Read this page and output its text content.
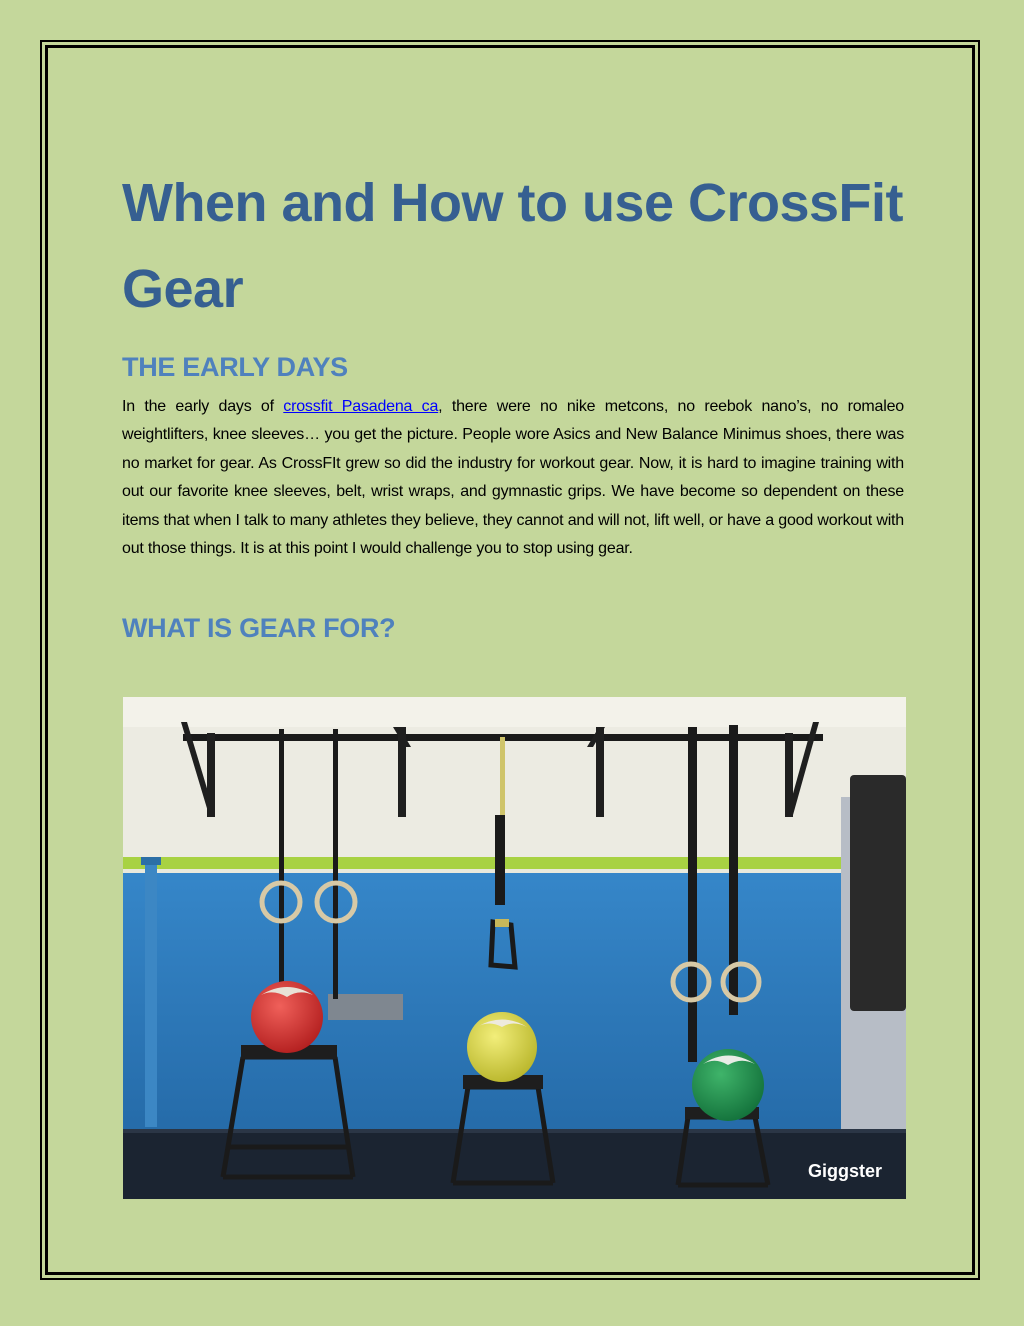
When and How to use CrossFit Gear
THE EARLY DAYS

In the early days of crossfit Pasadena ca, there were no nike metcons, no reebok nano’s, no romaleo weightlifters, knee sleeves… you get the picture. People wore Asics and New Balance Minimus shoes, there was no market for gear. As CrossFIt grew so did the industry for workout gear. Now, it is hard to imagine training with out our favorite knee sleeves, belt, wrist wraps, and gymnastic grips. We have become so dependent on these items that when I talk to many athletes they believe, they cannot and will not, lift well, or have a good workout with out those things. It is at this point I would challenge you to stop using gear.

WHAT IS GEAR FOR?
Giggster
